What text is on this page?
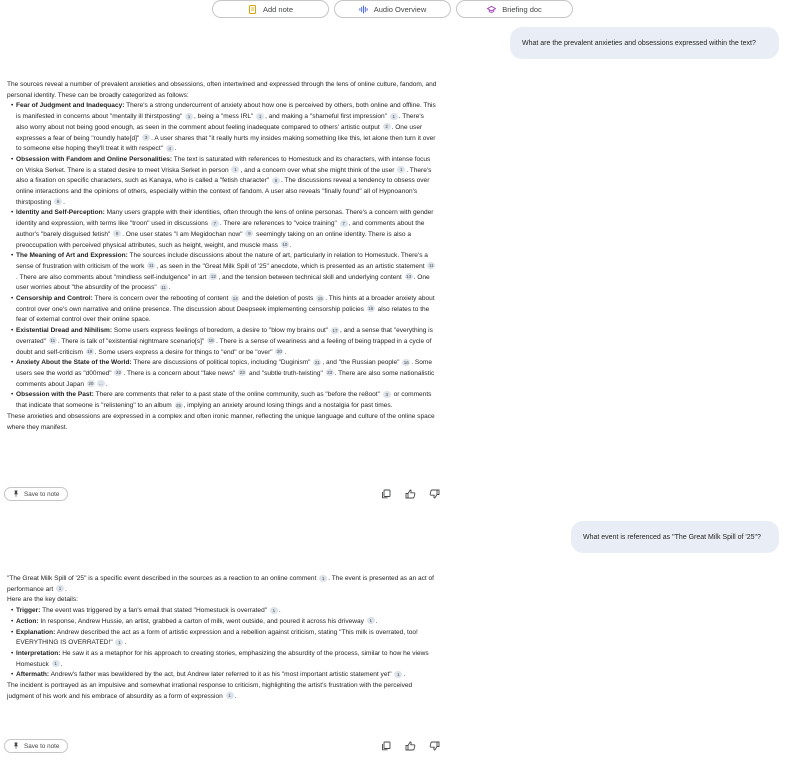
Add note	Audio Overview	Briefing doc
What are the prevalent anxieties and obsessions expressed within the text?

The sources reveal a number of prevalent anxieties and obsessions, often intertwined and expressed through the lens of online culture, fandom, and personal identity. These can be broadly categorized as follows:

• Fear of Judgment and Inadequacy: There's a strong undercurrent of anxiety about how one is perceived by others, both online and offline. This is manifested in concerns about "mentally ill thirstposting" 1 , being a "mess IRL" 1 , and making a "shameful first impression" 1 . There's also worry about not being good enough, as seen in the comment about feeling inadequate compared to others' artistic output 2 . One user expresses a fear of being "roundly hate[d]" 3 . A user shares that "it really hurts my insides making something like this, let alone then turn it over to someone else hoping they'll treat it with respect" 4 .
• Obsession with Fandom and Online Personalities: The text is saturated with references to Homestuck and its characters, with intense focus on Vriska Serket. There is a stated desire to meet Vriska Serket in person 1 , and a concern over what she might think of the user 1 . There's also a fixation on specific characters, such as Kanaya, who is called a "fetish character" 5 . The discussions reveal a tendency to obsess over online interactions and the opinions of others, especially within the context of fandom. A user also reveals "finally found" all of Hypnoanon's thirstposting 6 .
• Identity and Self-Perception: Many users grapple with their identities, often through the lens of online personas. There's a concern with gender identity and expression, with terms like "troon" used in discussions 7 . There are references to "voice training" 7 , and comments about the author's "barely disguised fetish" 8 . One user states "I am Megidochan now" 9 seemingly taking on an online identity. There is also a preoccupation with perceived physical attributes, such as height, weight, and muscle mass 10 .
• The Meaning of Art and Expression: The sources include discussions about the nature of art, particularly in relation to Homestuck. There's a sense of frustration with criticism of the work 11 , as seen in the "Great Milk Spill of '25" anecdote, which is presented as an artistic statement 11. There are also comments about "mindless self-indulgence" in art 12 , and the tension between technical skill and underlying content 13 . One user worries about "the absurdity of the process" 11 .
• Censorship and Control: There is concern over the rebooting of content 14 and the deletion of posts 15 . This hints at a broader anxiety about control over one's own narrative and online presence. The discussion about Deepseek implementing censorship policies 16 also relates to the fear of external control over their online space.
• Existential Dread and Nihilism: Some users express feelings of boredom, a desire to "blow my brains out" 17 , and a sense that "everything is overrated" 11 . There is talk of "existential nightmare scenario[s]" 18 . There is a sense of weariness and a feeling of being trapped in a cycle of doubt and self-criticism 19 . Some users express a desire for things to "end" or be "over" 20 .
• Anxiety About the State of the World: There are discussions of political topics, including "Duginism" 21 , and "the Russian people" 16 . Some users see the world as "d00med" 22 . There is a concern about "fake news" 23 and "subtle truth-twisting" 23 . There are also some nationalistic comments about Japan 20 ... .
• Obsession with the Past: There are comments that refer to a past state of the online community, such as "before the re8oot" 3 or comments that indicate that someone is "relistening" to an album 25 , implying an anxiety around losing things and a nostalgia for past times.

These anxieties and obsessions are expressed in a complex and often ironic manner, reflecting the unique language and culture of the online space where they manifest.

Save to note
What event is referenced as "The Great Milk Spill of '25"?

"The Great Milk Spill of '25" is a specific event described in the sources as a reaction to an online comment 1 . The event is presented as an act of performance art 1 .

Here are the key details:

• Trigger: The event was triggered by a fan's email that stated "Homestuck is overrated" 1 .
• Action: In response, Andrew Hussie, an artist, grabbed a carton of milk, went outside, and poured it across his driveway 1 .
• Explanation: Andrew described the act as a form of artistic expression and a rebellion against criticism, stating "This milk is overrated, too! EVERYTHING IS OVERRATED!" 1 .
• Interpretation: He saw it as a metaphor for his approach to creating stories, emphasizing the absurdity of the process, similar to how he views Homestuck 1 .
• Aftermath: Andrew's father was bewildered by the act, but Andrew later referred to it as his "most important artistic statement yet" 1 .

The incident is portrayed as an impulsive and somewhat irrational response to criticism, highlighting the artist's frustration with the perceived judgment of his work and his embrace of absurdity as a form of expression 1 .

Save to note
